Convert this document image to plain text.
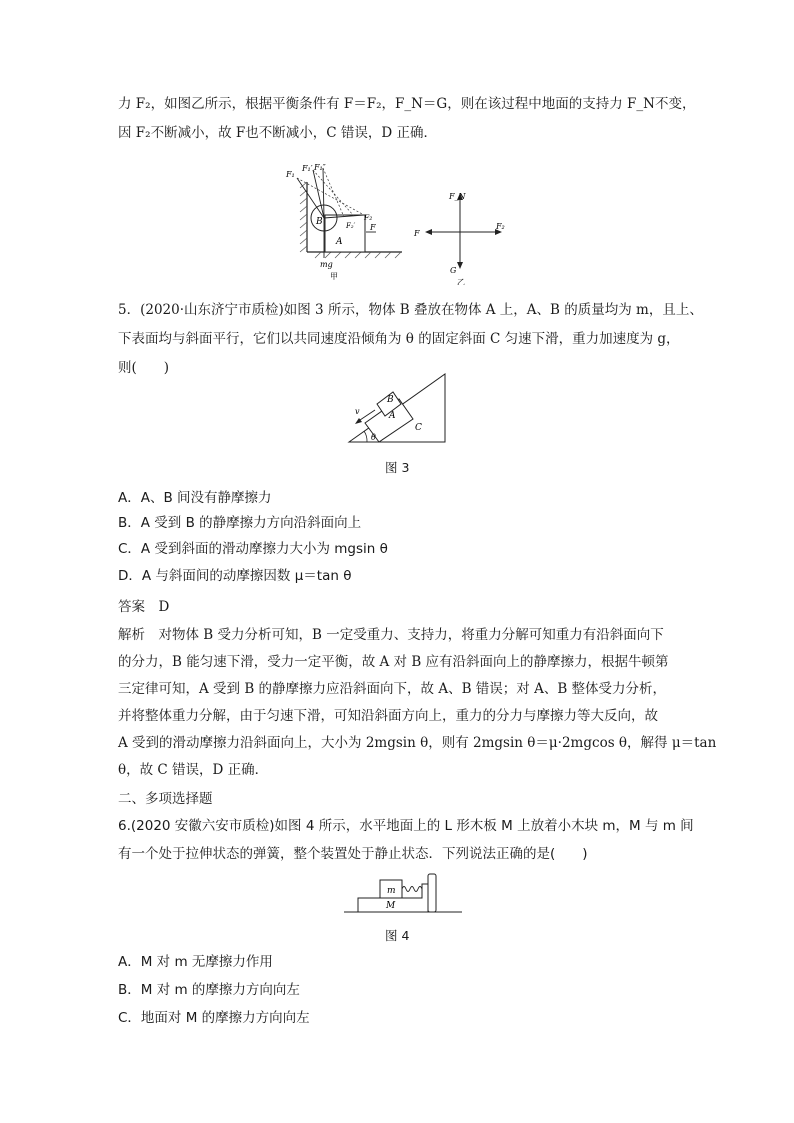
力 F₂，如图乙所示，根据平衡条件有 F＝F₂，F_N＝G，则在该过程中地面的支持力 F_N不变，
因 F₂不断减小，故 F也不断减小，C 错误，D 正确．
F₁
F₁′ F₁″
B
A
F₂
F₂′ F
mg
甲
F_N
F
F₂
G
乙
5．(2020·山东济宁市质检)如图 3 所示，物体 B 叠放在物体 A 上，A、B 的质量均为 m，且上、
下表面均与斜面平行，它们以共同速度沿倾角为 θ 的固定斜面 C 匀速下滑，重力加速度为 g，
则(　　)
v
B
A
C
θ
图 3
A．A、B 间没有静摩擦力
B．A 受到 B 的静摩擦力方向沿斜面向上
C．A 受到斜面的滑动摩擦力大小为 mgsin θ
D．A 与斜面间的动摩擦因数 μ＝tan θ
答案　D
解析　对物体 B 受力分析可知，B 一定受重力、支持力，将重力分解可知重力有沿斜面向下
的分力，B 能匀速下滑，受力一定平衡，故 A 对 B 应有沿斜面向上的静摩擦力，根据牛顿第
三定律可知，A 受到 B 的静摩擦力应沿斜面向下，故 A、B 错误；对 A、B 整体受力分析，
并将整体重力分解，由于匀速下滑，可知沿斜面方向上，重力的分力与摩擦力等大反向，故
A 受到的滑动摩擦力沿斜面向上，大小为 2mgsin θ，则有 2mgsin θ＝μ·2mgcos θ，解得 μ＝tan
θ，故 C 错误，D 正确．
二、多项选择题
6.(2020 安徽六安市质检)如图 4 所示，水平地面上的 L 形木板 M 上放着小木块 m，M 与 m 间
有一个处于拉伸状态的弹簧，整个装置处于静止状态．下列说法正确的是(　　)
m
M
图 4
A．M 对 m 无摩擦力作用
B．M 对 m 的摩擦力方向向左
C．地面对 M 的摩擦力方向向左
